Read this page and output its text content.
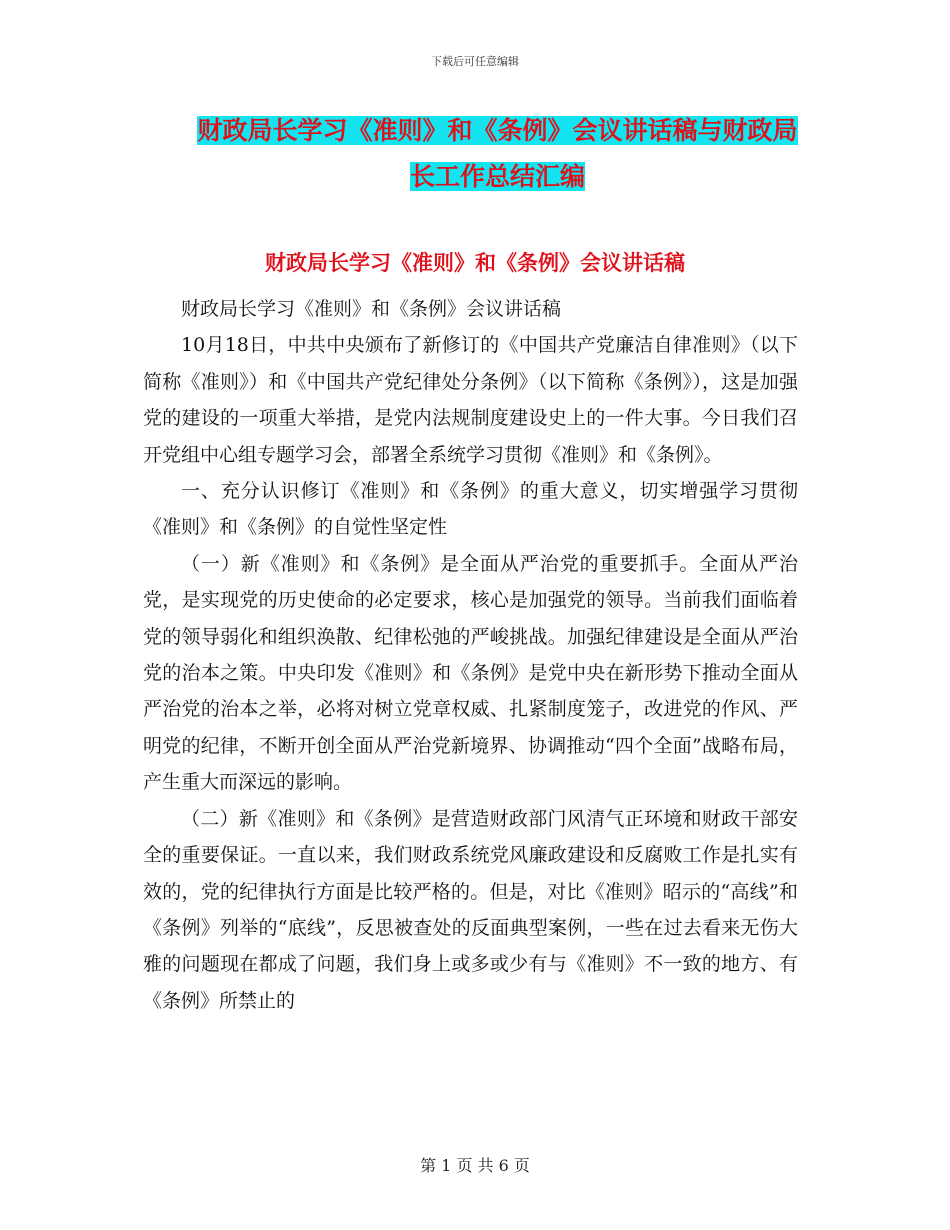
下载后可任意编辑
财政局长学习《准则》和《条例》会议讲话稿与财政局长工作总结汇编
财政局长学习《准则》和《条例》会议讲话稿

财政局长学习《准则》和《条例》会议讲话稿

10月18日，中共中央颁布了新修订的《中国共产党廉洁自律准则》（以下简称《准则》）和《中国共产党纪律处分条例》（以下简称《条例》），这是加强党的建设的一项重大举措，是党内法规制度建设史上的一件大事。今日我们召开党组中心组专题学习会，部署全系统学习贯彻《准则》和《条例》。

一、充分认识修订《准则》和《条例》的重大意义，切实增强学习贯彻《准则》和《条例》的自觉性坚定性

（一）新《准则》和《条例》是全面从严治党的重要抓手。全面从严治党，是实现党的历史使命的必定要求，核心是加强党的领导。当前我们面临着党的领导弱化和组织涣散、纪律松弛的严峻挑战。加强纪律建设是全面从严治党的治本之策。中央印发《准则》和《条例》是党中央在新形势下推动全面从严治党的治本之举，必将对树立党章权威、扎紧制度笼子，改进党的作风、严明党的纪律，不断开创全面从严治党新境界、协调推动“四个全面”战略布局，产生重大而深远的影响。

（二）新《准则》和《条例》是营造财政部门风清气正环境和财政干部安全的重要保证。一直以来，我们财政系统党风廉政建设和反腐败工作是扎实有效的，党的纪律执行方面是比较严格的。但是，对比《准则》昭示的“高线”和《条例》列举的“底线”，反思被查处的反面典型案例，一些在过去看来无伤大雅的问题现在都成了问题，我们身上或多或少有与《准则》不一致的地方、有《条例》所禁止的

第 1 页 共 6 页
